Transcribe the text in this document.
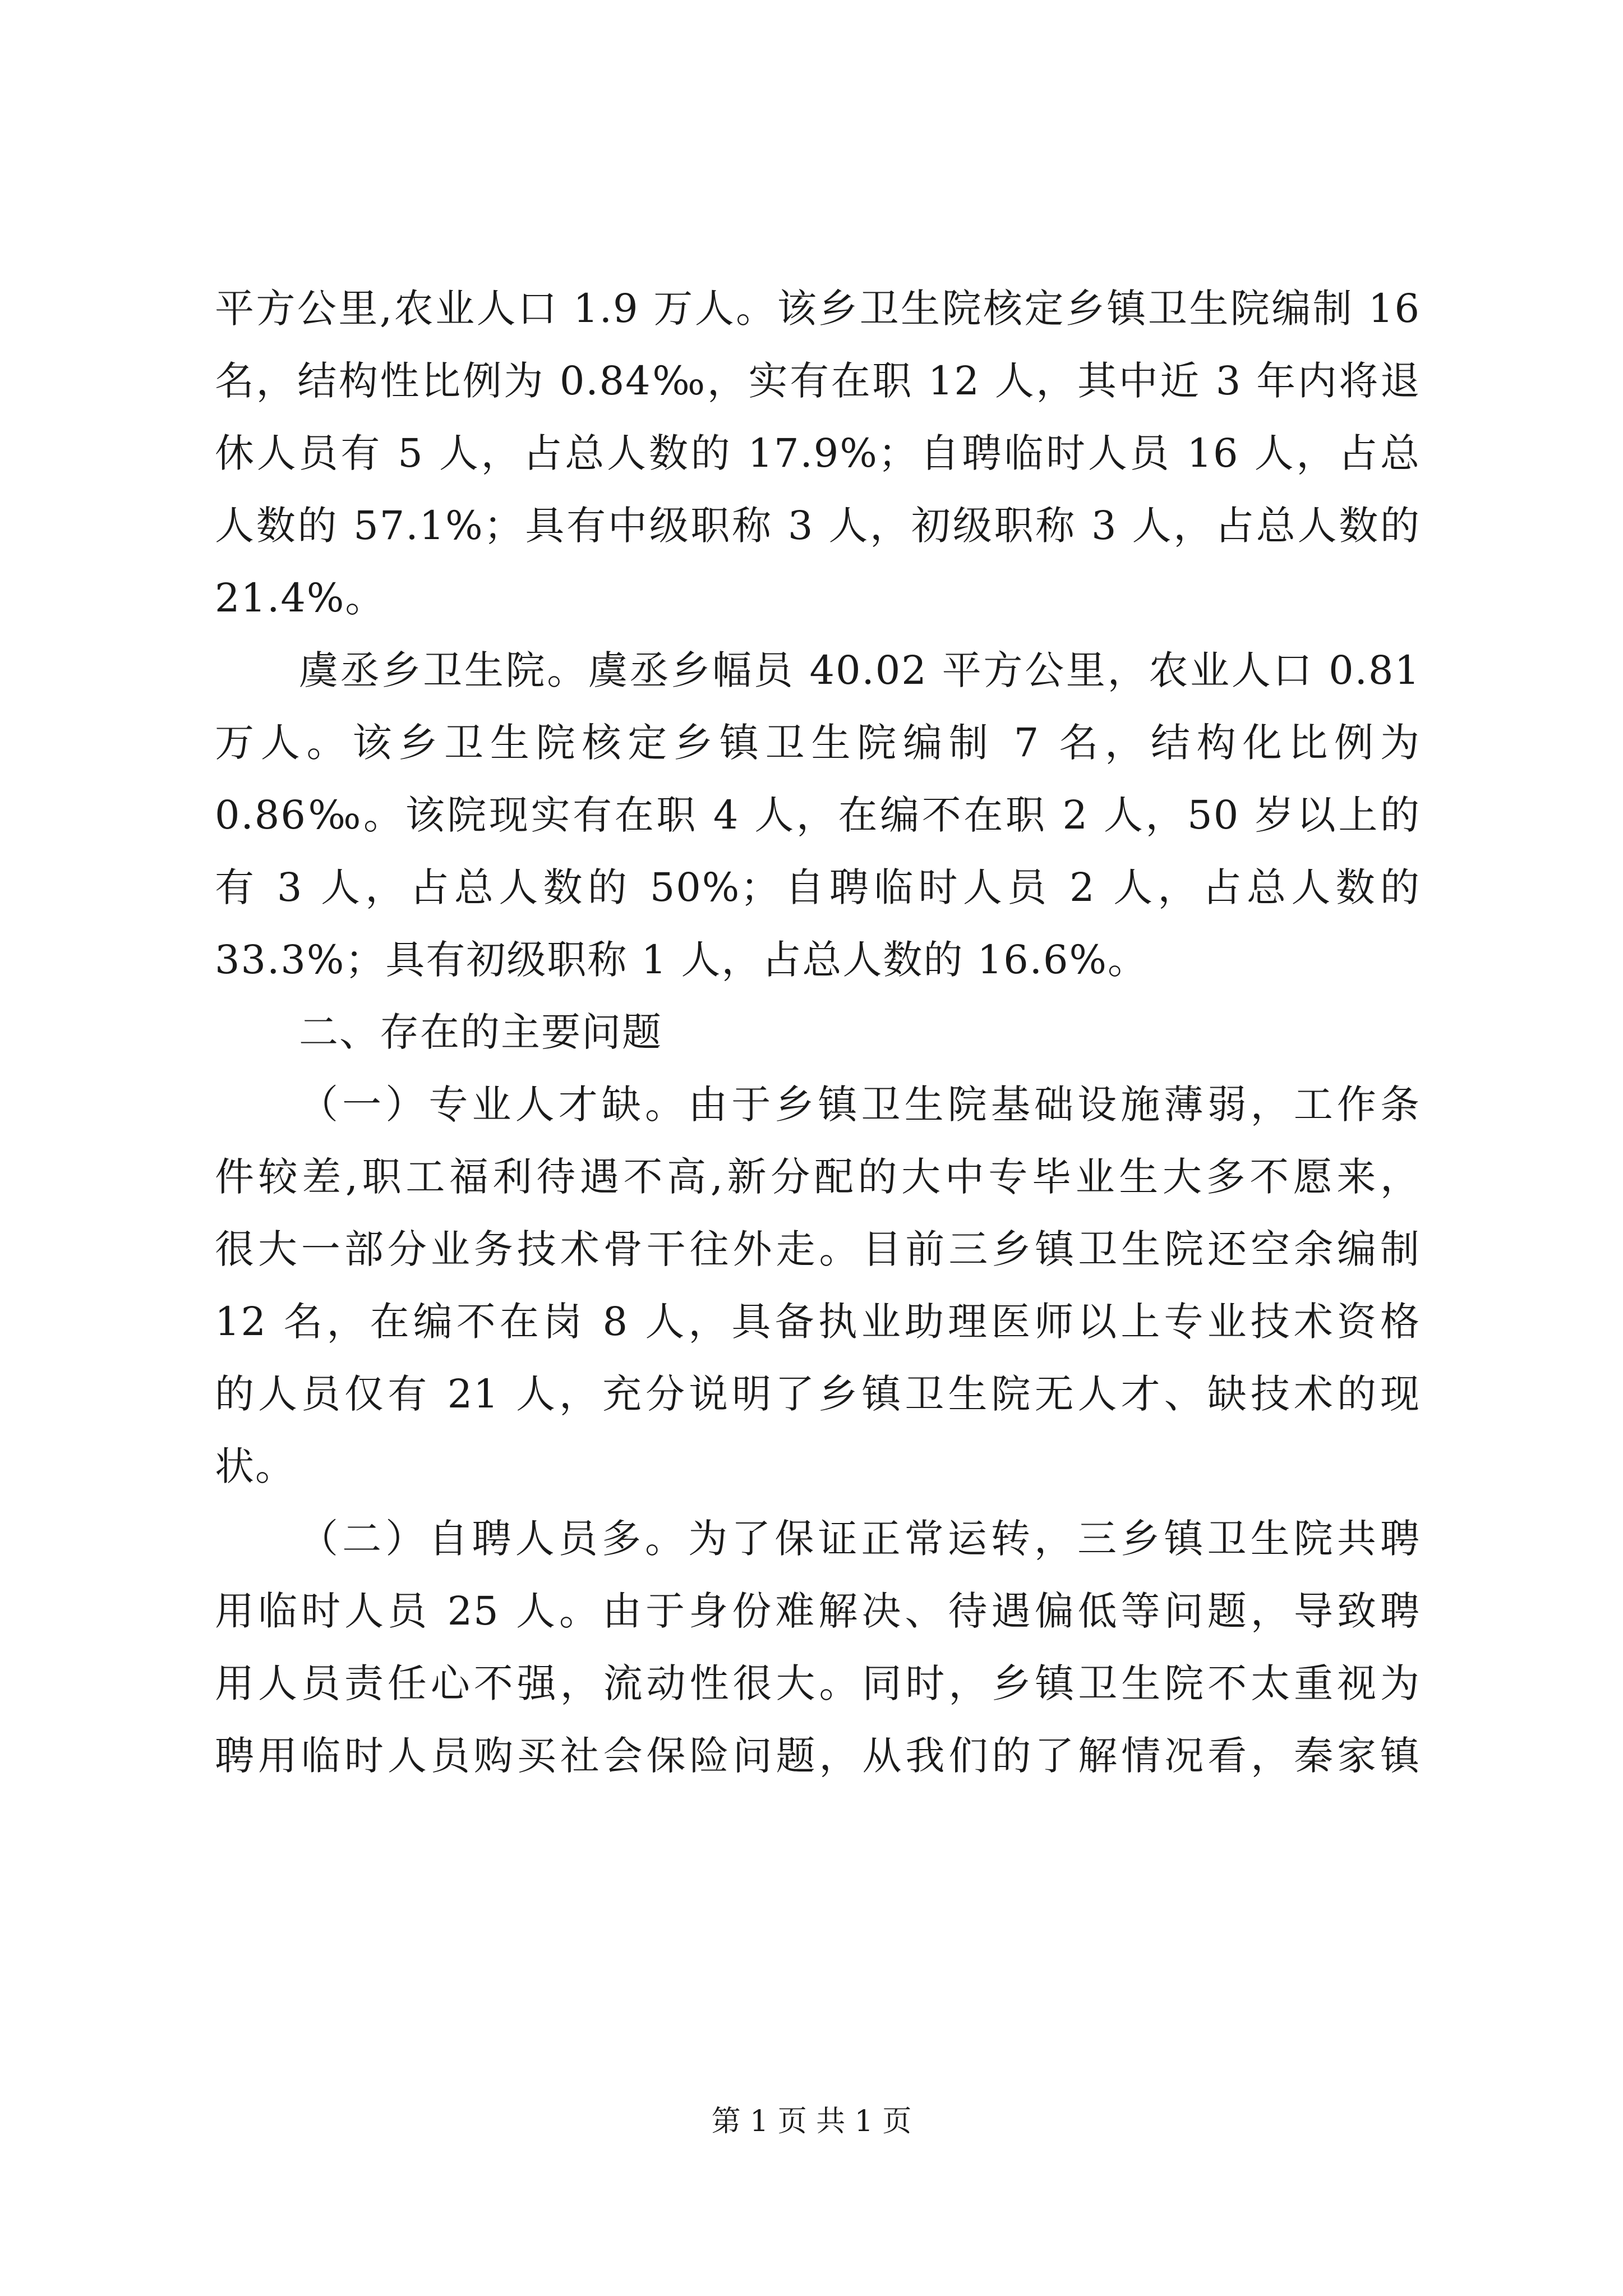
平方公里,农业人口 1.9 万人。该乡卫生院核定乡镇卫生院编制 16
名，结构性比例为 0.84‰，实有在职 12 人，其中近 3 年内将退
休人员有 5 人，占总人数的 17.9%；自聘临时人员 16 人，占总
人数的 57.1%；具有中级职称 3 人，初级职称 3 人，占总人数的
21.4%。
虞丞乡卫生院。虞丞乡幅员 40.02 平方公里，农业人口 0.81
万人。该乡卫生院核定乡镇卫生院编制 7 名，结构化比例为
0.86‰。该院现实有在职 4 人，在编不在职 2 人，50 岁以上的
有 3 人，占总人数的 50%；自聘临时人员 2 人，占总人数的
33.3%；具有初级职称 1 人，占总人数的 16.6%。
二、存在的主要问题
（一）专业人才缺。由于乡镇卫生院基础设施薄弱，工作条
件较差,职工福利待遇不高,新分配的大中专毕业生大多不愿来，
很大一部分业务技术骨干往外走。目前三乡镇卫生院还空余编制
12 名，在编不在岗 8 人，具备执业助理医师以上专业技术资格
的人员仅有 21 人，充分说明了乡镇卫生院无人才、缺技术的现
状。
（二）自聘人员多。为了保证正常运转，三乡镇卫生院共聘
用临时人员 25 人。由于身份难解决、待遇偏低等问题，导致聘
用人员责任心不强，流动性很大。同时，乡镇卫生院不太重视为
聘用临时人员购买社会保险问题，从我们的了解情况看，秦家镇
第 1 页 共 1 页
